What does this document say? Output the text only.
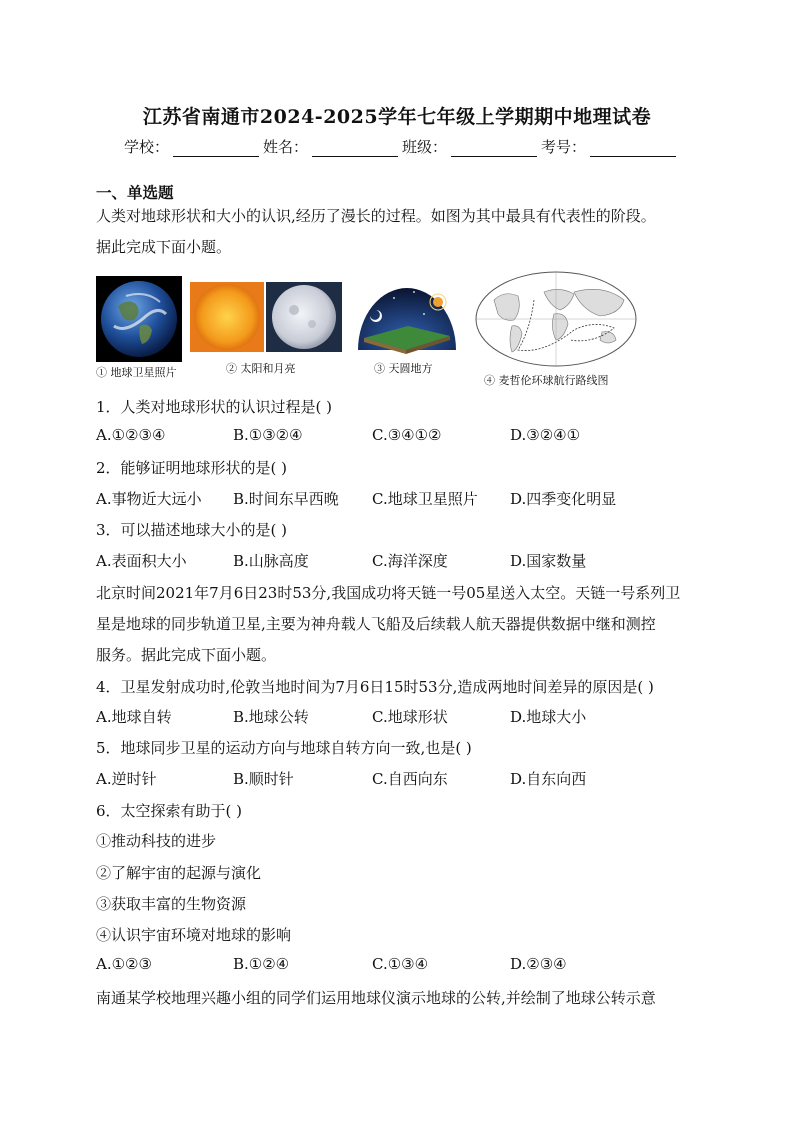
江苏省南通市2024-2025学年七年级上学期期中地理试卷
学校：	姓名：	班级：	考号：
一、单选题
人类对地球形状和大小的认识,经历了漫长的过程。如图为其中最具有代表性的阶段。
据此完成下面小题。
① 地球卫星照片	② 太阳和月亮	③ 天圆地方
④ 麦哲伦环球航行路线图
1．人类对地球形状的认识过程是( )
A.①②③④	B.①③②④	C.③④①②	D.③②④①
2．能够证明地球形状的是( )
A.事物近大远小 B.时间东早西晚 C.地球卫星照片 D.四季变化明显
3．可以描述地球大小的是( )
A.表面积大小	B.山脉高度	C.海洋深度	D.国家数量
北京时间2021年7月6日23时53分,我国成功将天链一号05星送入太空。天链一号系列卫
星是地球的同步轨道卫星,主要为神舟载人飞船及后续载人航天器提供数据中继和测控
服务。据此完成下面小题。
4．卫星发射成功时,伦敦当地时间为7月6日15时53分,造成两地时间差异的原因是( )
A.地球自转	B.地球公转	C.地球形状	D.地球大小
5．地球同步卫星的运动方向与地球自转方向一致,也是( )
A.逆时针	B.顺时针	C.自西向东	D.自东向西
6．太空探索有助于( )
①推动科技的进步
②了解宇宙的起源与演化
③获取丰富的生物资源
④认识宇宙环境对地球的影响
A.①②③	B.①②④	C.①③④	D.②③④
南通某学校地理兴趣小组的同学们运用地球仪演示地球的公转,并绘制了地球公转示意
